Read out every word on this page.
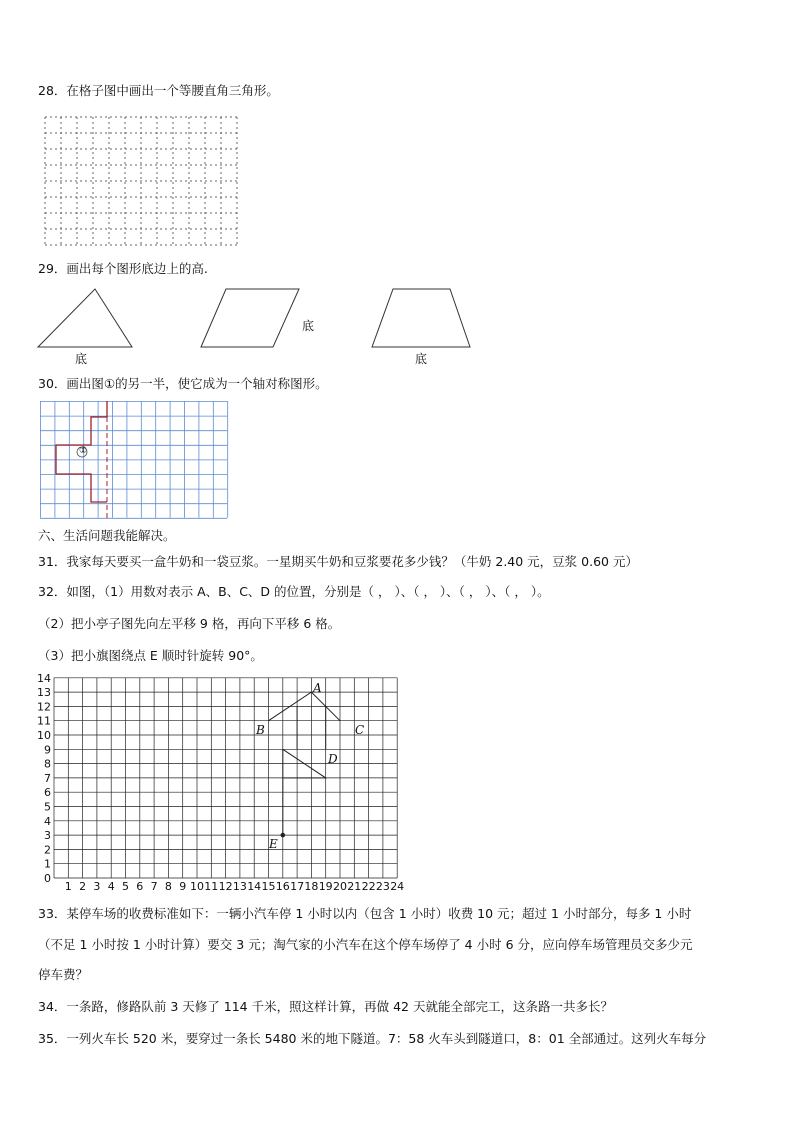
28．在格子图中画出一个等腰直角三角形。
29．画出每个图形底边上的高.
底
底
底
30．画出图①的另一半，使它成为一个轴对称图形。
①
六、生活问题我能解决。
31．我家每天要买一盒牛奶和一袋豆浆。一星期买牛奶和豆浆要花多少钱？（牛奶 2.40 元，豆浆 0.60 元）
32．如图，（1）用数对表示 A、B、C、D 的位置，分别是（ ， ）、（ ， ）、（ ， ）、（ ， ）。
（2）把小亭子图先向左平移 9 格，再向下平移 6 格。
（3）把小旗图绕点 E 顺时针旋转 90°。
1 2 3 4 5 6 7 8 9 10 11 12 13 14 15 16 17 18 19 20 21 22 23 24
0
1
2
3
4
5
6
7
8
9
10
11
12
13
14
A
B	C
D
E
33．某停车场的收费标准如下：一辆小汽车停 1 小时以内（包含 1 小时）收费 10 元；超过 1 小时部分，每多 1 小时
（不足 1 小时按 1 小时计算）要交 3 元；淘气家的小汽车在这个停车场停了 4 小时 6 分，应向停车场管理员交多少元
停车费？
34．一条路，修路队前 3 天修了 114 千米，照这样计算，再做 42 天就能全部完工，这条路一共多长？
35．一列火车长 520 米，要穿过一条长 5480 米的地下隧道。7：58 火车头到隧道口，8：01 全部通过。这列火车每分
